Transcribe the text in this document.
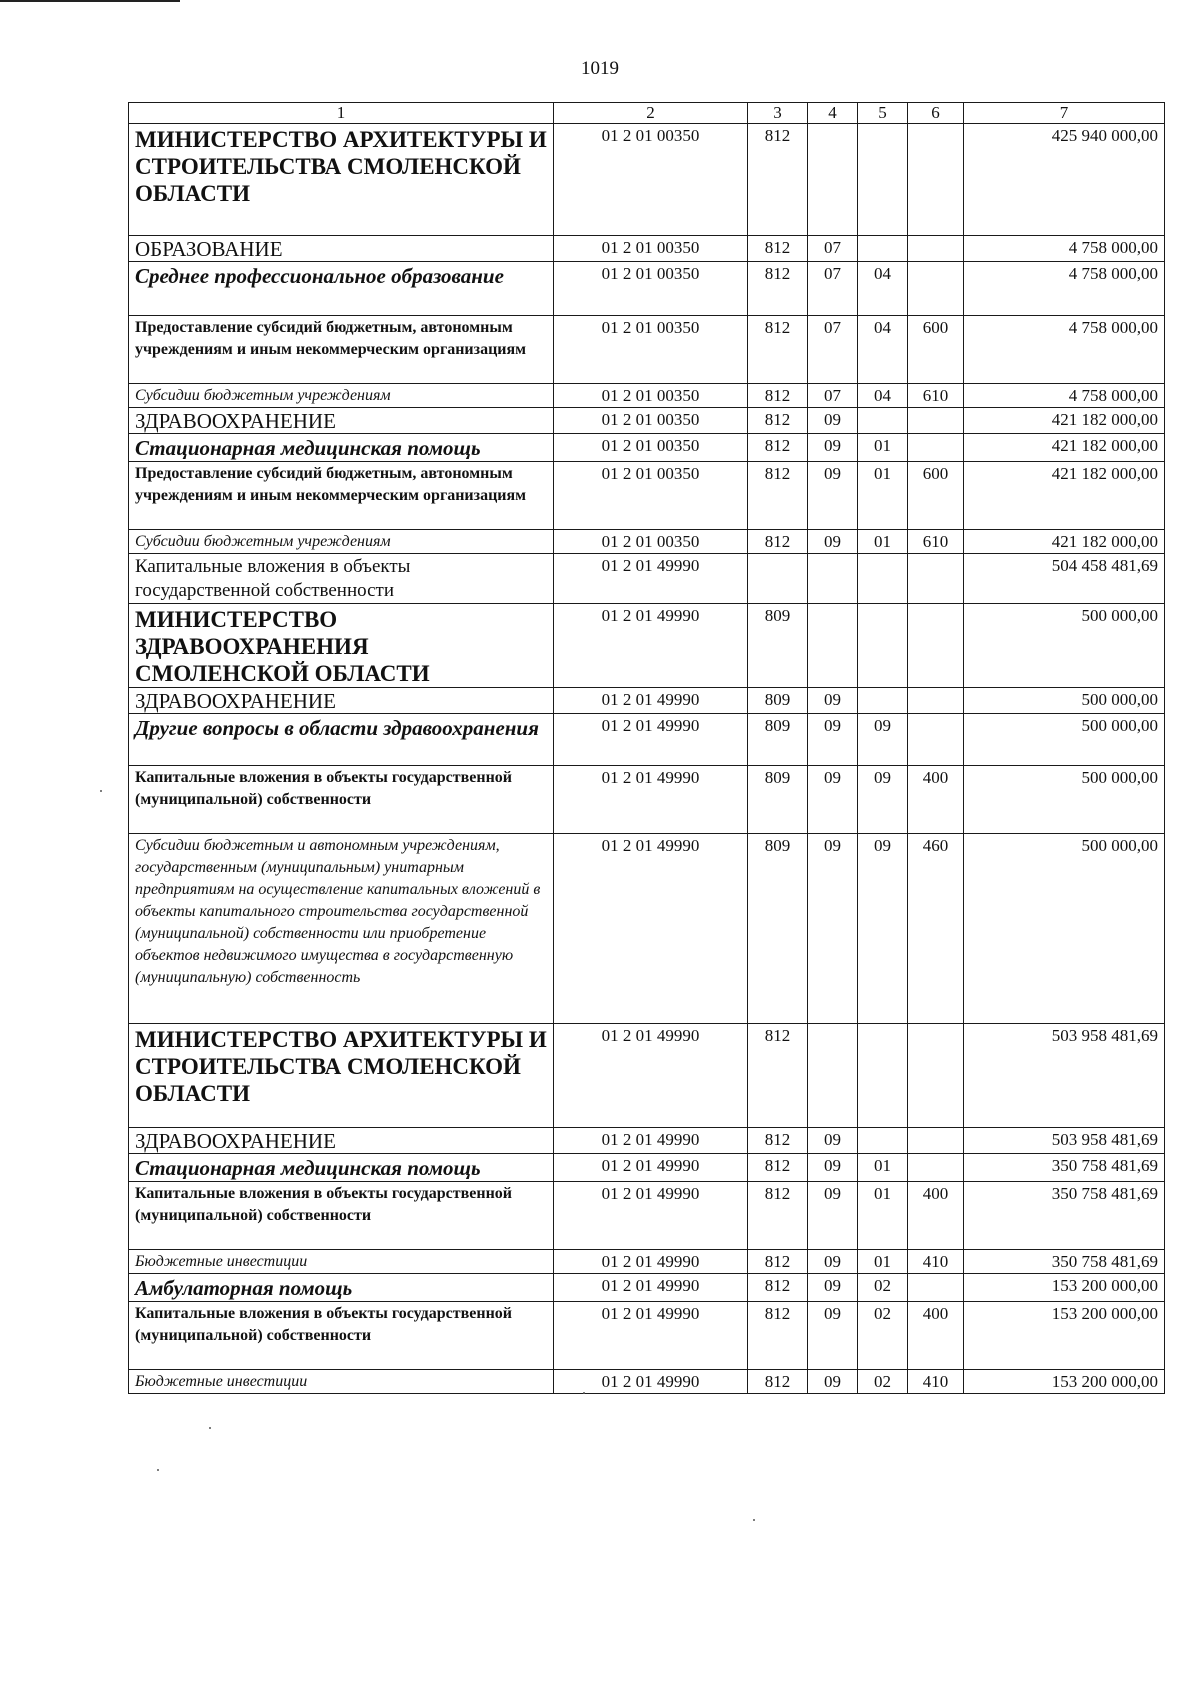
1019
1	2	3	4	5	6	7

МИНИСТЕРСТВО АРХИТЕКТУРЫ И СТРОИТЕЛЬСТВА СМОЛЕНСКОЙ ОБЛАСТИ	01 2 01 00350	812				425 940 000,00

ОБРАЗОВАНИЕ	01 2 01 00350	812	07			4 758 000,00

Среднее профессиональное образование	01 2 01 00350	812	07	04		4 758 000,00

Предоставление субсидий бюджетным, автономным учреждениям и иным некоммерческим организациям	01 2 01 00350	812	07	04	600	4 758 000,00

Субсидии бюджетным учреждениям	01 2 01 00350	812	07	04	610	4 758 000,00

ЗДРАВООХРАНЕНИЕ	01 2 01 00350	812	09			421 182 000,00

Стационарная медицинская помощь	01 2 01 00350	812	09	01		421 182 000,00

Предоставление субсидий бюджетным, автономным учреждениям и иным некоммерческим организациям	01 2 01 00350	812	09	01	600	421 182 000,00

Субсидии бюджетным учреждениям	01 2 01 00350	812	09	01	610	421 182 000,00

Капитальные вложения в объекты государственной собственности	01 2 01 49990					504 458 481,69

МИНИСТЕРСТВО ЗДРАВООХРАНЕНИЯ СМОЛЕНСКОЙ ОБЛАСТИ	01 2 01 49990	809				500 000,00

ЗДРАВООХРАНЕНИЕ	01 2 01 49990	809	09			500 000,00

Другие вопросы в области здравоохранения	01 2 01 49990	809	09	09		500 000,00

Капитальные вложения в объекты государственной (муниципальной) собственности	01 2 01 49990	809	09	09	400	500 000,00

Субсидии бюджетным и автономным учреждениям, государственным (муниципальным) унитарным предприятиям на осуществление капитальных вложений в объекты капитального строительства государственной (муниципальной) собственности или приобретение объектов недвижимого имущества в государственную (муниципальную) собственность	01 2 01 49990	809	09	09	460	500 000,00

МИНИСТЕРСТВО АРХИТЕКТУРЫ И СТРОИТЕЛЬСТВА СМОЛЕНСКОЙ ОБЛАСТИ	01 2 01 49990	812				503 958 481,69

ЗДРАВООХРАНЕНИЕ	01 2 01 49990	812	09			503 958 481,69

Стационарная медицинская помощь	01 2 01 49990	812	09	01		350 758 481,69

Капитальные вложения в объекты государственной (муниципальной) собственности	01 2 01 49990	812	09	01	400	350 758 481,69

Бюджетные инвестиции	01 2 01 49990	812	09	01	410	350 758 481,69

Амбулаторная помощь	01 2 01 49990	812	09	02		153 200 000,00

Капитальные вложения в объекты государственной (муниципальной) собственности	01 2 01 49990	812	09	02	400	153 200 000,00

Бюджетные инвестиции	01 2 01 49990	812	09	02	410	153 200 000,00
